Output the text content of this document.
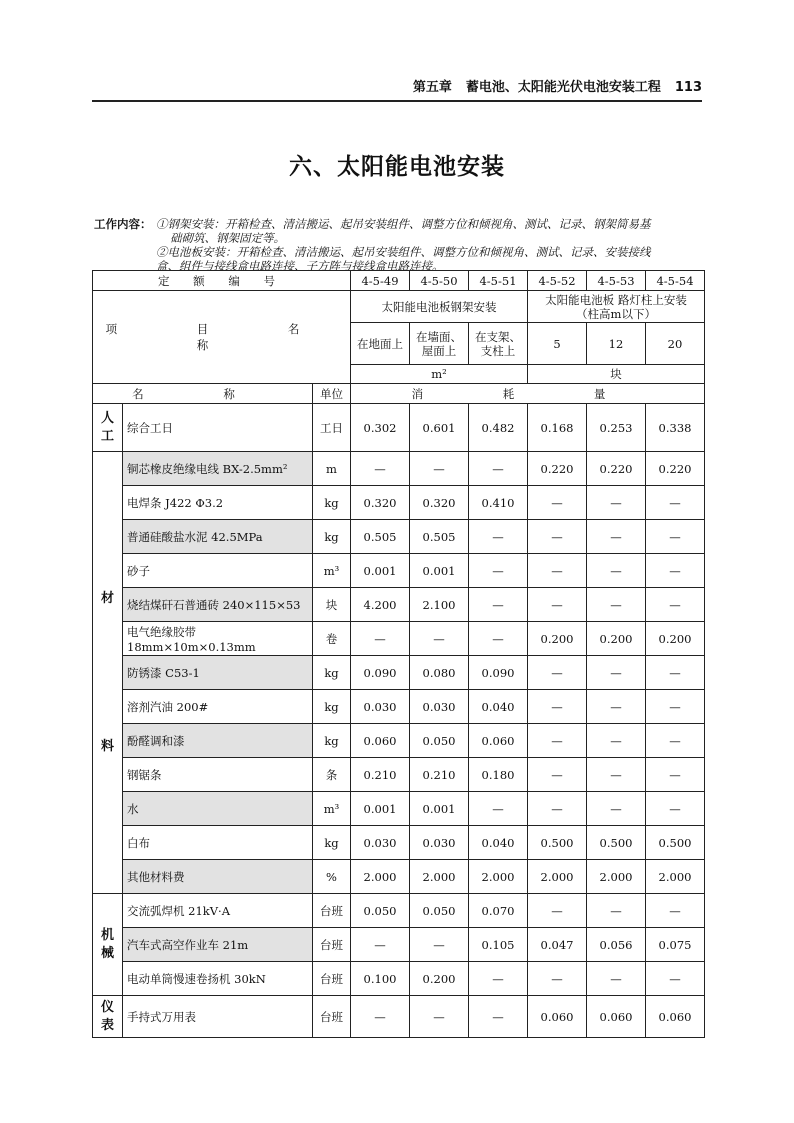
第五章 蓄电池、太阳能光伏电池安装工程 113
六、太阳能电池安装
工作内容： ①钢架安装：开箱检查、清洁搬运、起吊安装组件、调整方位和倾视角、测试、记录、钢架简易基

础砌筑、钢架固定等。

②电池板安装：开箱检查、清洁搬运、起吊安装组件、调整方位和倾视角、测试、记录、安装接线

盒、组件与接线盒电路连接、子方阵与接线盒电路连接。

定 额 编 号			4-5-49	4-5-50	4-5-51	4-5-52	4-5-53	4-5-54
项 目 名 称			太阳能电池板钢架安装			太阳能电池板 路灯柱上安装
（柱高m以下）		

			在地面上	在墙面、
屋面上	在支架、
支柱上	5	12	20
			m²			块		
名 称		单位	消 耗 量					

人
工	综合工日	工日	0.302	0.601	0.482	0.168	0.253	0.338

材
料	铜芯橡皮绝缘电线 BX-2.5mm²	m	—	—	—	0.220	0.220	0.220
	电焊条 J422 Φ3.2	kg	0.320	0.320	0.410	—	—	—
	普通硅酸盐水泥 42.5MPa	kg	0.505	0.505	—	—	—	—
	砂子	m³	0.001	0.001	—	—	—	—
	烧结煤矸石普通砖 240×115×53	块	4.200	2.100	—	—	—	—
	电气绝缘胶带 18mm×10m×0.13mm	卷	—	—	—	0.200	0.200	0.200
	防锈漆 C53-1	kg	0.090	0.080	0.090	—	—	—
	溶剂汽油 200#	kg	0.030	0.030	0.040	—	—	—
	酚醛调和漆	kg	0.060	0.050	0.060	—	—	—
	钢锯条	条	0.210	0.210	0.180	—	—	—
	水	m³	0.001	0.001	—	—	—	—
	白布	kg	0.030	0.030	0.040	0.500	0.500	0.500
	其他材料费	%	2.000	2.000	2.000	2.000	2.000	2.000

机
械	交流弧焊机 21kV·A	台班	0.050	0.050	0.070	—	—	—
	汽车式高空作业车 21m	台班	—	—	0.105	0.047	0.056	0.075
	电动单筒慢速卷扬机 30kN	台班	0.100	0.200	—	—	—	—

仪
表	手持式万用表	台班	—	—	—	0.060	0.060	0.060
